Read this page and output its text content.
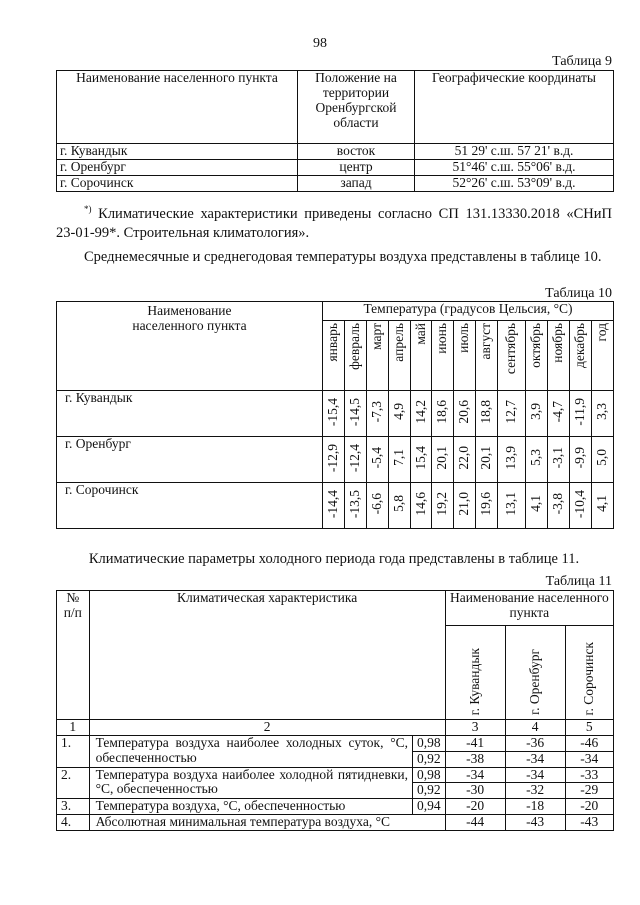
98
Таблица 9
Наименование населенного пункта	Положение на территории Оренбургской области	Географические координаты
г. Кувандык	восток	51 29' с.ш. 57 21' в.д.
г. Оренбург	центр	51°46' с.ш. 55°06' в.д.
г. Сорочинск	запад	52°26' с.ш. 53°09' в.д.
*) Климатические характеристики приведены согласно СП 131.13330.2018 «СНиП 23-01-99*. Строительная климатология».
Среднемесячные и среднегодовая температуры воздуха представлены в таблице 10.
Таблица 10
Наименование населенного пункта	Температура (градусов Цельсия, °С)												
	январь	февраль	март	апрель	май	июнь	июль	август	сентябрь	октябрь	ноябрь	декабрь	год
г. Кувандык	-15,4	-14,5	-7,3	4,9	14,2	18,6	20,6	18,8	12,7	3,9	-4,7	-11,9	3,3
г. Оренбург	-12,9	-12,4	-5,4	7,1	15,4	20,1	22,0	20,1	13,9	5,3	-3,1	-9,9	5,0
г. Сорочинск	-14,4	-13,5	-6,6	5,8	14,6	19,2	21,0	19,6	13,1	4,1	-3,8	-10,4	4,1
Климатические параметры холодного периода года представлены в таблице 11.
Таблица 11
№ п/п	Климатическая характеристика		Наименование населенного пункта		
			г. Кувандык	г. Оренбург	г. Сорочинск
1	2		3	4	5
1.	Температура воздуха наиболее холодных суток, °С, обеспеченностью	0,98	-41	-36	-46
		0,92	-38	-34	-34
2.	Температура воздуха наиболее холодной пятидневки, °С, обеспеченностью	0,98	-34	-34	-33
		0,92	-30	-32	-29
3.	Температура воздуха, °С, обеспеченностью	0,94	-20	-18	-20
4.	Абсолютная минимальная температура воздуха, °С		-44	-43	-43
